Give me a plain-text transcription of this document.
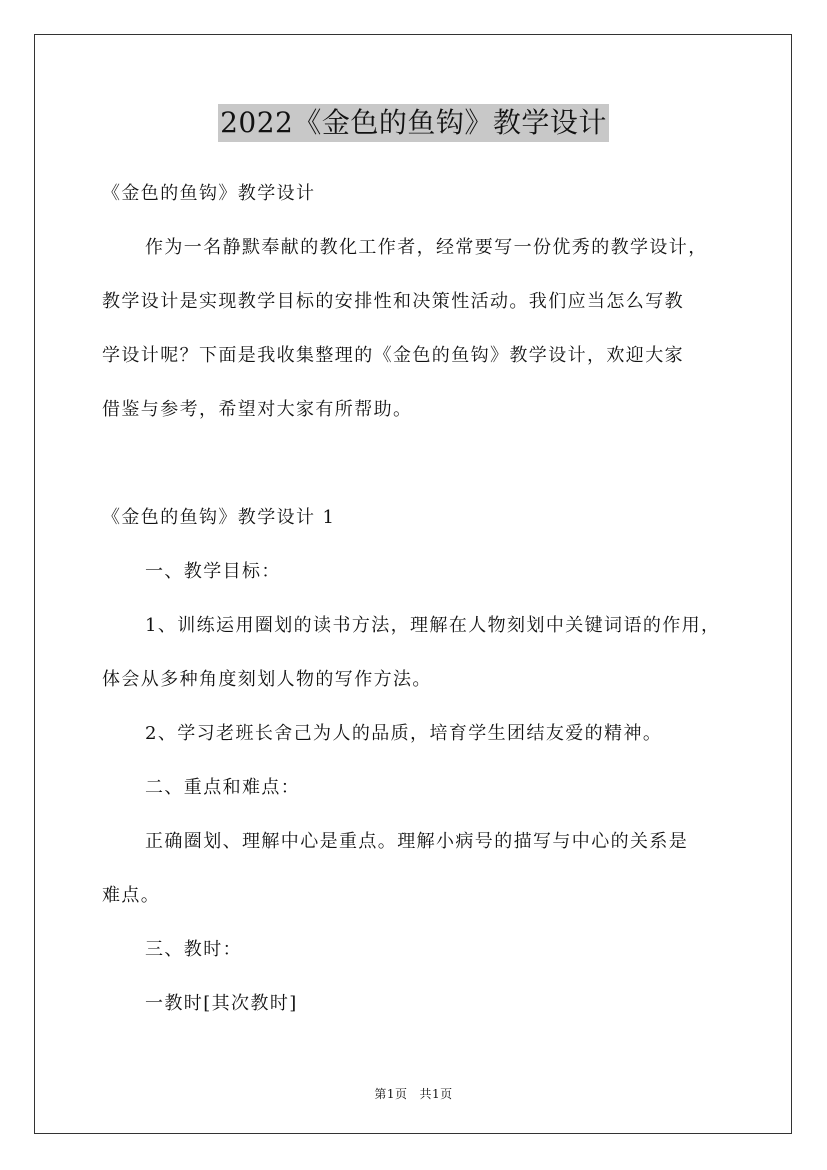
2022《金色的鱼钩》教学设计
《金色的鱼钩》教学设计
作为一名静默奉献的教化工作者，经常要写一份优秀的教学设计，
教学设计是实现教学目标的安排性和决策性活动。我们应当怎么写教
学设计呢？下面是我收集整理的《金色的鱼钩》教学设计，欢迎大家
借鉴与参考，希望对大家有所帮助。
《金色的鱼钩》教学设计 1
一、教学目标：
1、训练运用圈划的读书方法，理解在人物刻划中关键词语的作用，
体会从多种角度刻划人物的写作方法。
2、学习老班长舍己为人的品质，培育学生团结友爱的精神。
二、重点和难点：
正确圈划、理解中心是重点。理解小病号的描写与中心的关系是
难点。
三、教时：
一教时[其次教时]
第1页 共1页
